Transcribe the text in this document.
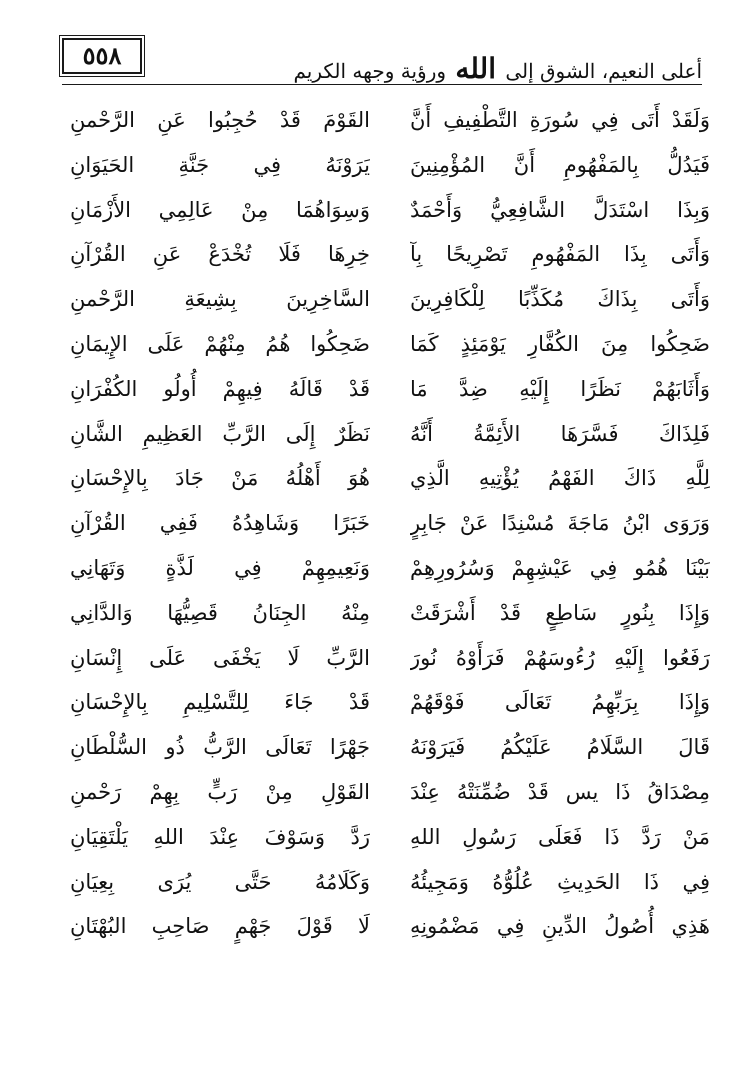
٥٥٨
أعلى النعيم، الشوق إلى الله ورؤية وجهه الكريم
وَلَقَدْ أَتَى فِي سُورَةِ التَّطْفِيفِ أَنَّ
القَوْمَ قَدْ حُجِبُوا عَنِ الرَّحْمنِ
فَيَدُلُّ بِالمَفْهُومِ أَنَّ المُؤْمِنِينَ
يَرَوْنَهُ فِي جَنَّةِ الحَيَوَانِ
وَبِذَا اسْتَدَلَّ الشَّافِعِيُّ وَأَحْمَدٌ
وَسِوَاهُمَا مِنْ عَالِمِي الأَزْمَانِ
وَأَتَى بِذَا المَفْهُومِ تَصْرِيحًا بِآ
خِرِهَا فَلَا تُخْدَعْ عَنِ القُرْآنِ
وَأَتَى بِذَاكَ مُكَذِّبًا لِلْكَافِرِينَ
السَّاخِرِينَ بِشِيعَةِ الرَّحْمنِ
ضَحِكُوا مِنَ الكُفَّارِ يَوْمَئِذٍ كَمَا
ضَحِكُوا هُمُ مِنْهُمْ عَلَى الإِيمَانِ
وَأَثَابَهُمْ نَظَرًا إِلَيْهِ ضِدَّ مَا
قَدْ قَالَهُ فِيهِمْ أُولُو الكُفْرَانِ
فَلِذَاكَ فَسَّرَهَا الأَئِمَّةُ أَنَّهُ
نَظَرٌ إِلَى الرَّبِّ العَظِيمِ الشَّانِ
لِلَّهِ ذَاكَ الفَهْمُ يُؤْتِيهِ الَّذِي
هُوَ أَهْلُهُ مَنْ جَادَ بِالإِحْسَانِ
وَرَوَى ابْنُ مَاجَةَ مُسْنِدًا عَنْ جَابِرٍ
خَبَرًا وَشَاهِدُهُ فَفِي القُرْآنِ
بَيْنَا هُمُو فِي عَيْشِهِمْ وَسُرُورِهِمْ
وَنَعِيمِهِمْ فِي لَذَّةٍ وَتَهَانِي
وَإِذَا بِنُورٍ سَاطِعٍ قَدْ أَشْرَقَتْ
مِنْهُ الجِنَانُ قَصِيُّهَا وَالدَّانِي
رَفَعُوا إِلَيْهِ رُءُوسَهُمْ فَرَأَوْهُ نُورَ
الرَّبِّ لَا يَخْفَى عَلَى إِنْسَانِ
وَإِذَا بِرَبِّهِمُ تَعَالَى فَوْقَهُمْ
قَدْ جَاءَ لِلتَّسْلِيمِ بِالإِحْسَانِ
قَالَ السَّلَامُ عَلَيْكُمُ فَيَرَوْنَهُ
جَهْرًا تَعَالَى الرَّبُّ ذُو السُّلْطَانِ
مِصْدَاقُ ذَا يس قَدْ ضُمِّنَتْهُ عِنْدَ
القَوْلِ مِنْ رَبٍّ بِهِمْ رَحْمنِ
مَنْ رَدَّ ذَا فَعَلَى رَسُولِ اللهِ
رَدَّ وَسَوْفَ عِنْدَ اللهِ يَلْتَقِيَانِ
فِي ذَا الحَدِيثِ عُلُوُّهُ وَمَجِيئُهُ
وَكَلَامُهُ حَتَّى يُرَى بِعِيَانِ
هَذِي أُصُولُ الدِّينِ فِي مَضْمُونِهِ
لَا قَوْلَ جَهْمٍ صَاحِبِ البُهْتَانِ
